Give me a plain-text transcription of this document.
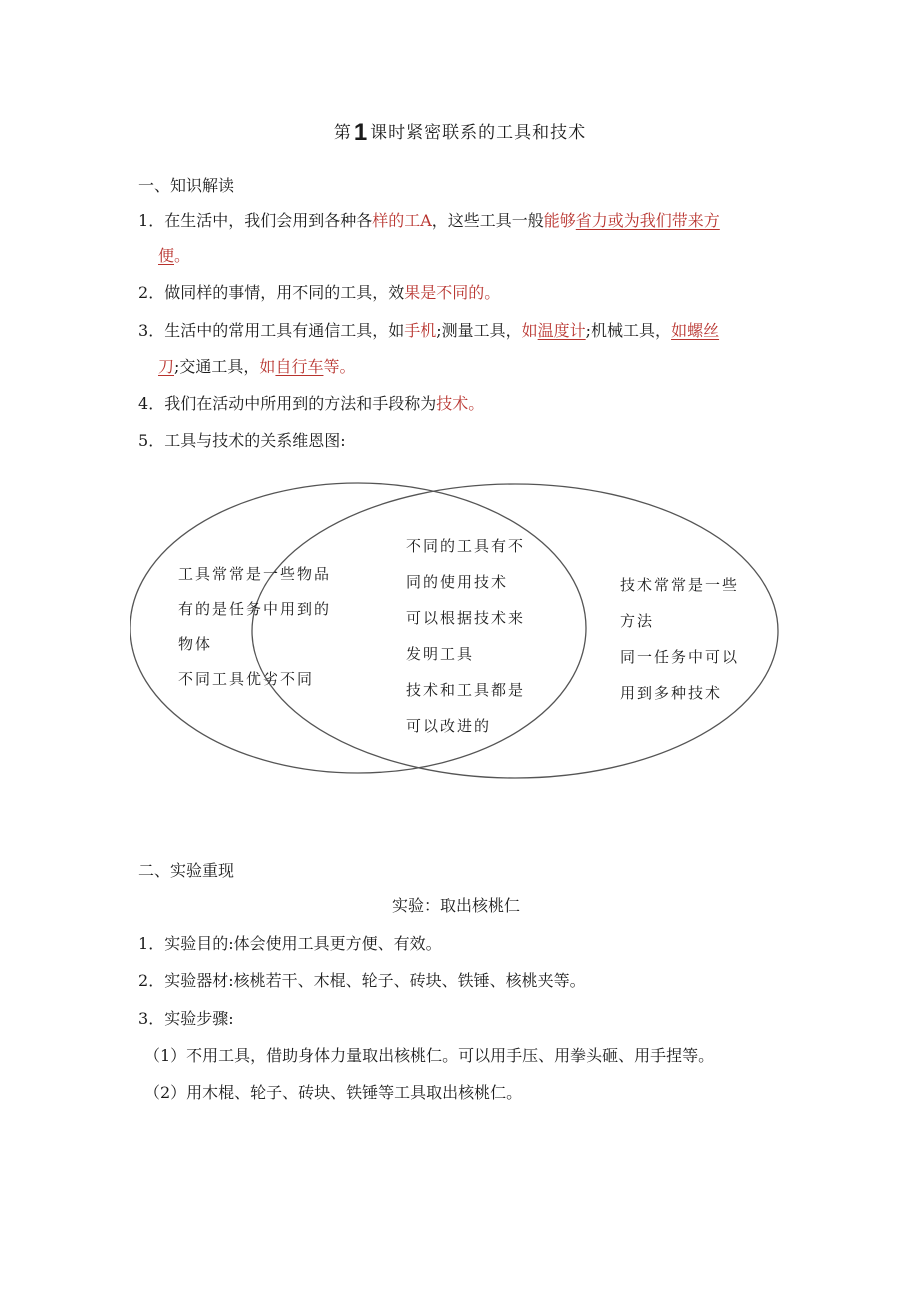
第1 课时紧密联系的工具和技术
一、知识解读
1．在生活中，我们会用到各种各样的工A，这些工具一般能够省力或为我们带来方
便。
2．做同样的事情，用不同的工具，效果是不同的。
3．生活中的常用工具有通信工具，如手机;测量工具，如温度计;机械工具，如螺丝
刀;交通工具，如自行车等。
4．我们在活动中所用到的方法和手段称为技术。
5．工具与技术的关系维恩图:
工具常常是一些物品
有的是任务中用到的
物体
不同工具优劣不同
不同的工具有不
同的使用技术
可以根据技术来
发明工具
技术和工具都是
可以改进的
技术常常是一些
方法
同一任务中可以
用到多种技术
二、实验重现
实验：取出核桃仁
1．实验目的:体会使用工具更方便、有效。
2．实验器材:核桃若干、木棍、轮子、砖块、铁锤、核桃夹等。
3．实验步骤:
（1）不用工具，借助身体力量取出核桃仁。可以用手压、用拳头砸、用手捏等。
（2）用木棍、轮子、砖块、铁锤等工具取出核桃仁。
